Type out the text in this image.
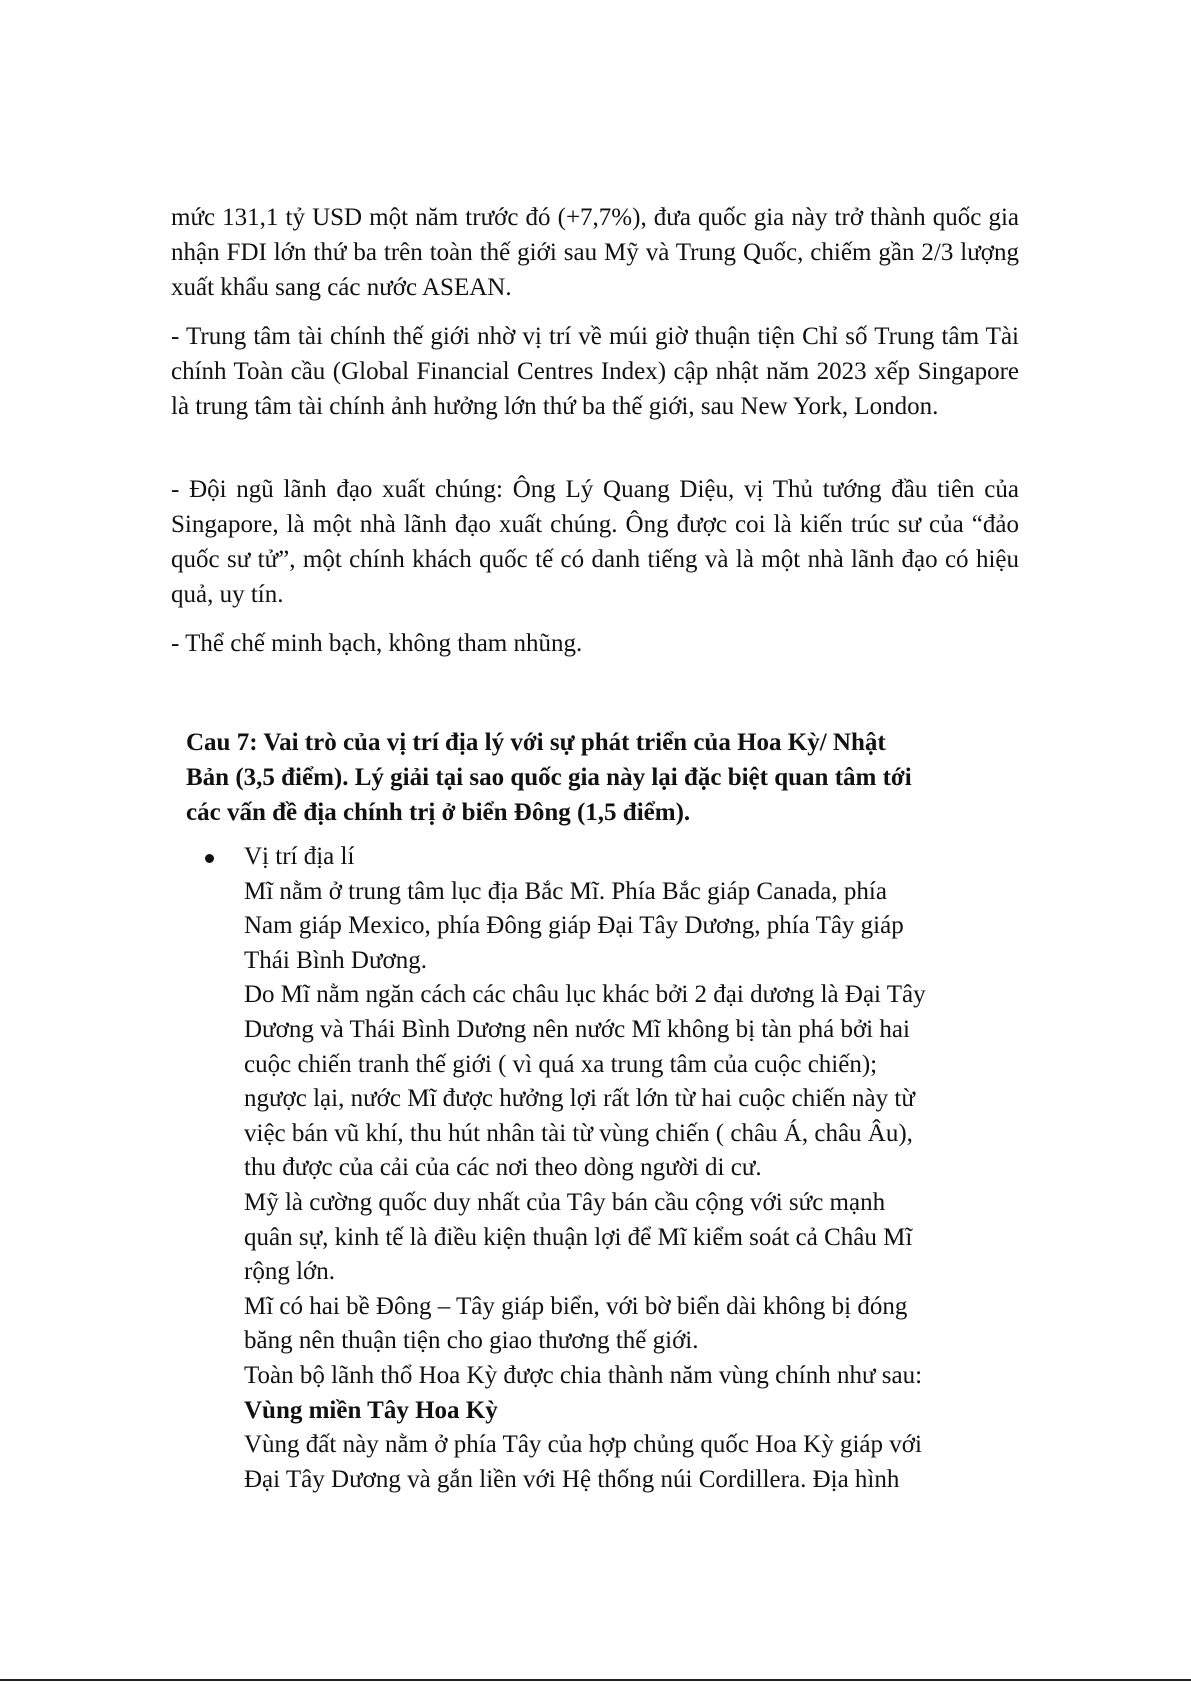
mức 131,1 tỷ USD một năm trước đó (+7,7%), đưa quốc gia này trở thành quốc gia nhận FDI lớn thứ ba trên toàn thế giới sau Mỹ và Trung Quốc, chiếm gần 2/3 lượng xuất khẩu sang các nước ASEAN.

- Trung tâm tài chính thế giới nhờ vị trí về múi giờ thuận tiện Chỉ số Trung tâm Tài chính Toàn cầu (Global Financial Centres Index) cập nhật năm 2023 xếp Singapore là trung tâm tài chính ảnh hưởng lớn thứ ba thế giới, sau New York, London.

- Đội ngũ lãnh đạo xuất chúng: Ông Lý Quang Diệu, vị Thủ tướng đầu tiên của Singapore, là một nhà lãnh đạo xuất chúng. Ông được coi là kiến trúc sư của “đảo quốc sư tử”, một chính khách quốc tế có danh tiếng và là một nhà lãnh đạo có hiệu quả, uy tín.

- Thể chế minh bạch, không tham nhũng.

Cau 7: Vai trò của vị trí địa lý với sự phát triển của Hoa Kỳ/ Nhật

Bản (3,5 điểm). Lý giải tại sao quốc gia này lại đặc biệt quan tâm tới

các vấn đề địa chính trị ở biển Đông (1,5 điểm).

Vị trí địa lí

Mĩ nằm ở trung tâm lục địa Bắc Mĩ. Phía Bắc giáp Canada, phía

Nam giáp Mexico, phía Đông giáp Đại Tây Dương, phía Tây giáp

Thái Bình Dương.

Do Mĩ nằm ngăn cách các châu lục khác bởi 2 đại dương là Đại Tây

Dương và Thái Bình Dương nên nước Mĩ không bị tàn phá bởi hai

cuộc chiến tranh thế giới ( vì quá xa trung tâm của cuộc chiến);

ngược lại, nước Mĩ được hưởng lợi rất lớn từ hai cuộc chiến này từ

việc bán vũ khí, thu hút nhân tài từ vùng chiến ( châu Á, châu Âu),

thu được của cải của các nơi theo dòng người di cư.

Mỹ là cường quốc duy nhất của Tây bán cầu cộng với sức mạnh

quân sự, kinh tế là điều kiện thuận lợi để Mĩ kiểm soát cả Châu Mĩ

rộng lớn.

Mĩ có hai bề Đông – Tây giáp biển, với bờ biển dài không bị đóng

băng nên thuận tiện cho giao thương thế giới.

Toàn bộ lãnh thổ Hoa Kỳ được chia thành năm vùng chính như sau:

Vùng miền Tây Hoa Kỳ

Vùng đất này nằm ở phía Tây của hợp chủng quốc Hoa Kỳ giáp với

Đại Tây Dương và gắn liền với Hệ thống núi Cordillera. Địa hình
